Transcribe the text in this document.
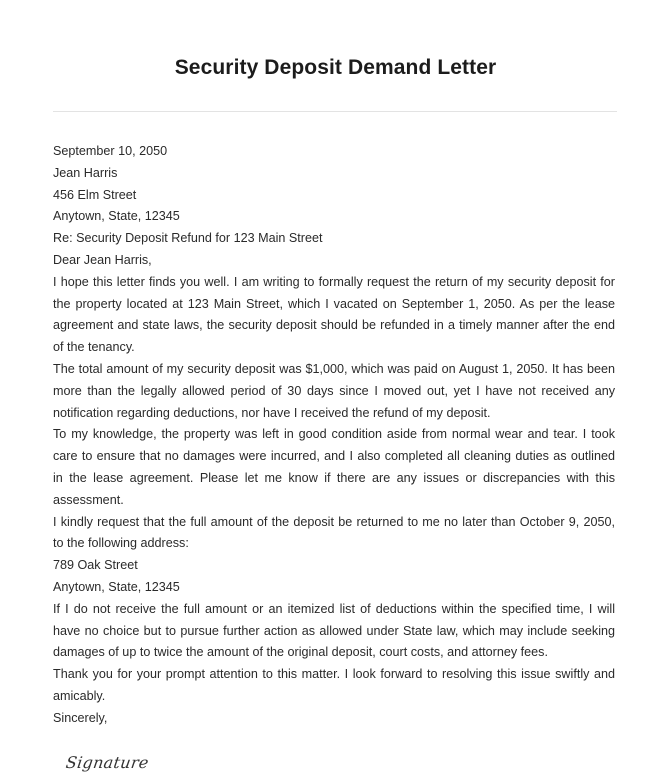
Security Deposit Demand Letter

September 10, 2050

Jean Harris

456 Elm Street

Anytown, State, 12345

Re: Security Deposit Refund for 123 Main Street

Dear Jean Harris,

I hope this letter finds you well. I am writing to formally request the return of my security deposit for the property located at 123 Main Street, which I vacated on September 1, 2050. As per the lease agreement and state laws, the security deposit should be refunded in a timely manner after the end of the tenancy.

The total amount of my security deposit was $1,000, which was paid on August 1, 2050. It has been more than the legally allowed period of 30 days since I moved out, yet I have not received any notification regarding deductions, nor have I received the refund of my deposit.

To my knowledge, the property was left in good condition aside from normal wear and tear. I took care to ensure that no damages were incurred, and I also completed all cleaning duties as outlined in the lease agreement. Please let me know if there are any issues or discrepancies with this assessment.

I kindly request that the full amount of the deposit be returned to me no later than October 9, 2050, to the following address:

789 Oak Street

Anytown, State, 12345

If I do not receive the full amount or an itemized list of deductions within the specified time, I will have no choice but to pursue further action as allowed under State law, which may include seeking damages of up to twice the amount of the original deposit, court costs, and attorney fees.

Thank you for your prompt attention to this matter. I look forward to resolving this issue swiftly and amicably.

Sincerely,

Signature
